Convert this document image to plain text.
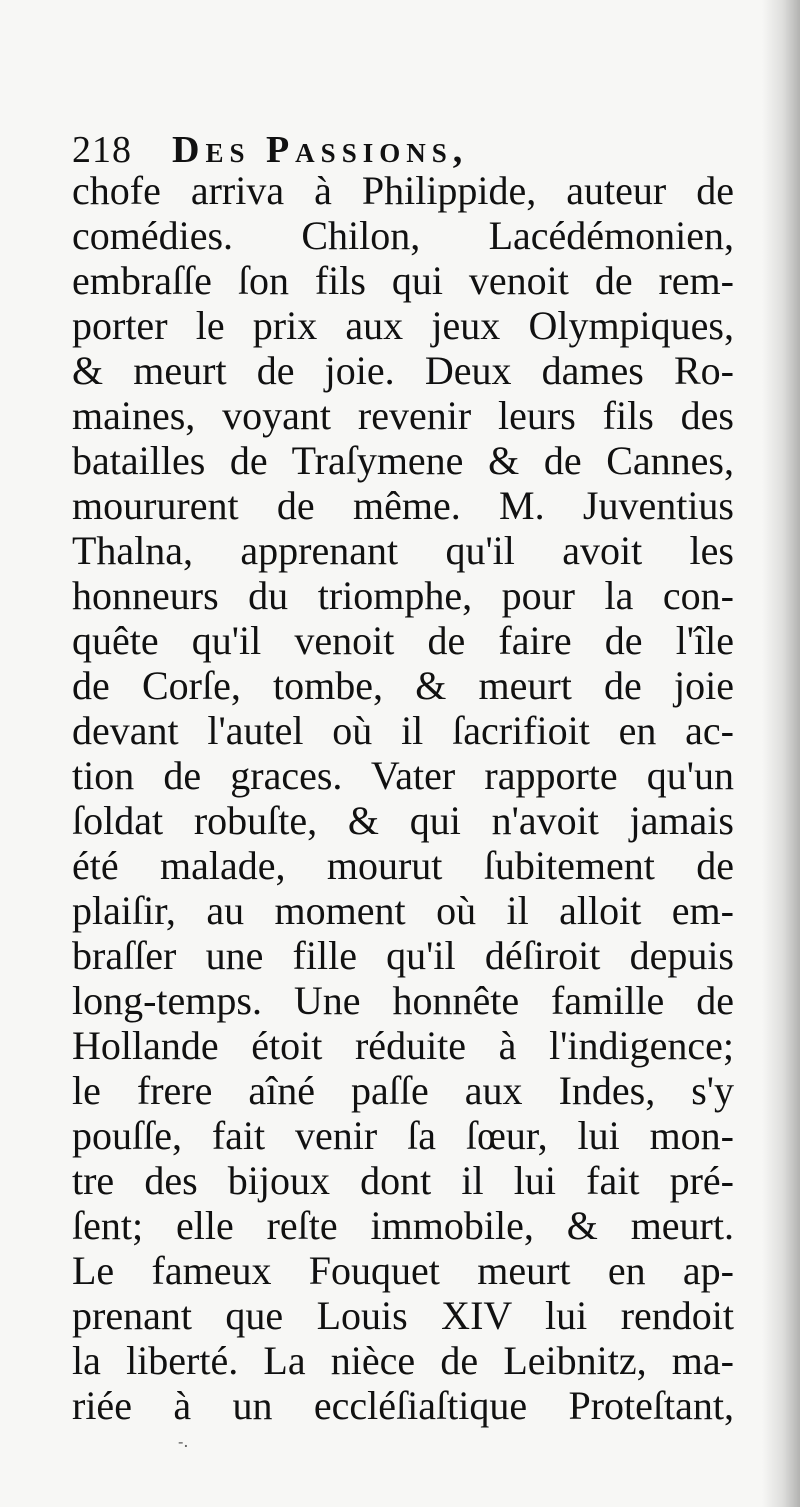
218 Des Passions,
chofe arriva à Philippide, auteur de
comédies. Chilon, Lacédémonien,
embraſſe ſon fils qui venoit de rem-
porter le prix aux jeux Olympiques,
& meurt de joie. Deux dames Ro-
maines, voyant revenir leurs fils des
batailles de Traſymene & de Cannes,
moururent de même. M. Juventius
Thalna, apprenant qu'il avoit les
honneurs du triomphe, pour la con-
quête qu'il venoit de faire de l'île
de Corſe, tombe, & meurt de joie
devant l'autel où il ſacrifioit en ac-
tion de graces. Vater rapporte qu'un
ſoldat robuſte, & qui n'avoit jamais
été malade, mourut ſubitement de
plaiſir, au moment où il alloit em-
braſſer une fille qu'il déſiroit depuis
long-temps. Une honnête famille de
Hollande étoit réduite à l'indigence;
le frere aîné paſſe aux Indes, s'y
pouſſe, fait venir ſa ſœur, lui mon-
tre des bijoux dont il lui fait pré-
ſent; elle reſte immobile, & meurt.
Le fameux Fouquet meurt en ap-
prenant que Louis XIV lui rendoit
la liberté. La nièce de Leibnitz, ma-
riée à un eccléſiaſtique Proteſtant,
-.
